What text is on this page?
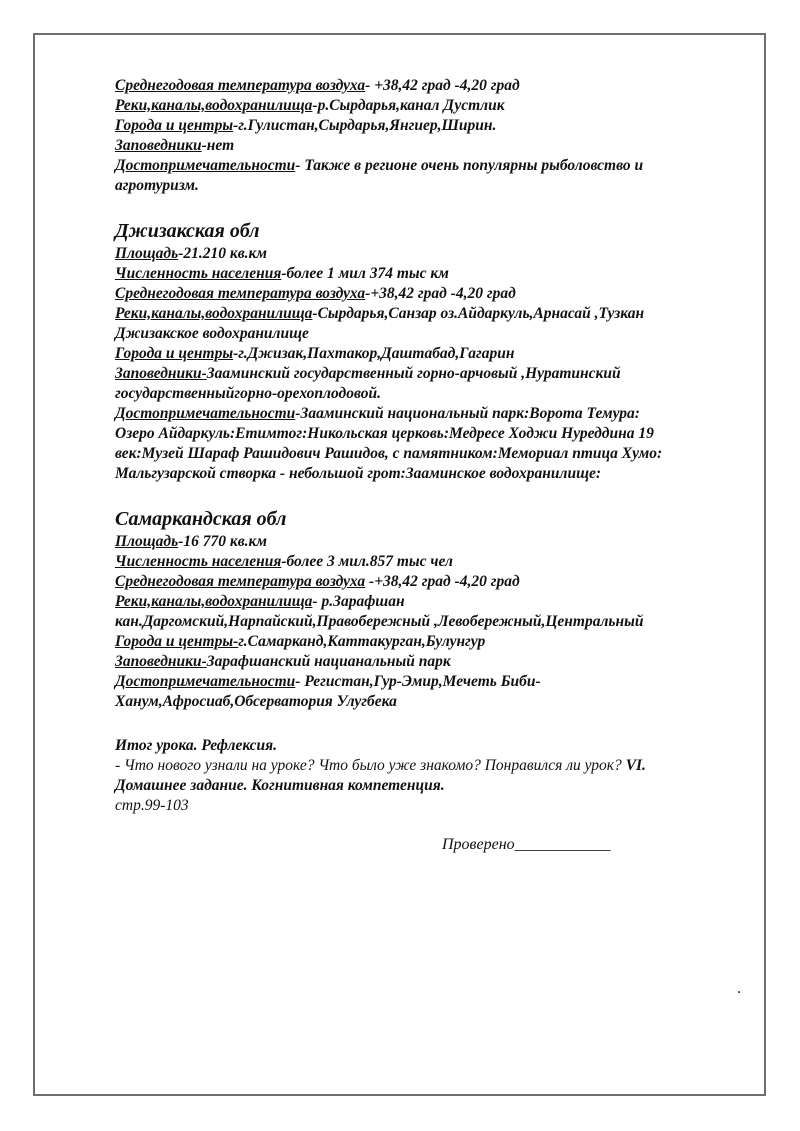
Среднегодовая температура воздуха- +38,42 град -4,20 град
Реки,каналы,водохранилища-р.Сырдарья,канал Дустлик
Города и центры-г.Гулистан,Сырдарья,Янгиер,Ширин.
Заповедники-нет
Достопримечательности- Также в регионе очень популярны рыболовство и
агротуризм.
Джизакская обл
Площадь-21.210 кв.км
Численность населения-более 1 мил 374 тыс км
Среднегодовая температура воздуха-+38,42 град -4,20 град
Реки,каналы,водохранилища-Сырдарья,Санзар оз.Айдаркуль,Арнасай ,Тузкан
Джизакское водохранилище
Города и центры-г.Джизак,Пахтакор,Даштабад,Гагарин
Заповедники-Зааминский государственный горно-арчовый ,Нуратинский
государственныйгорно-орехоплодовой.
Достопримечательности-Зааминский национальный парк:Ворота Темура:
Озеро Айдаркуль:Етимтог:Никольская церковь:Медресе Ходжи Нуреддина 19
век:Музей Шараф Рашидович Рашидов, с памятником:Мемориал птица Хумо:
Мальгузарской створка - небольшой грот:Зааминское водохранилище:
Самаркандская обл
Площадь-16 770 кв.км
Численность населения-более 3 мил.857 тыс чел
Среднегодовая температура воздуха -+38,42 град -4,20 град
Реки,каналы,водохранилища- р.Зарафшан
кан.Даргомский,Нарпайский,Правобережный ,Левобережный,Центральный
Города и центры-г.Самарканд,Каттакурган,Булунгур
Заповедники-Зарафшанский нацианальный парк
Достопримечательности- Регистан,Гур-Эмир,Мечеть Биби-
Ханум,Афросиаб,Обсерватория Улугбека
Итог урока. Рефлексия.
- Что нового узнали на уроке? Что было уже знакомо? Понравился ли урок? VI.
Домашнее задание. Когнитивная компетенция.
стр.99-103
Проверено____________
.
